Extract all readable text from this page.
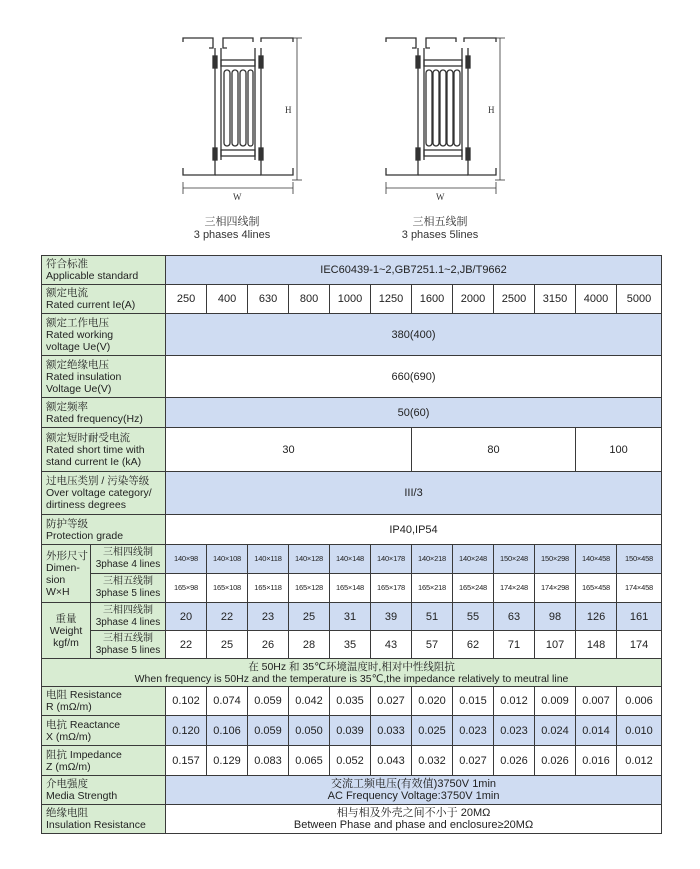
H
W
三相四线制
3 phases 4lines
H
W
三相五线制
3 phases 5lines
符合标准
Applicable standard		IEC60439-1~2,GB7251.1~2,JB/T9662											

额定电流
Rated current Ie(A)		250	400	630	800	1000	1250	1600	2000	2500	3150	4000	5000

额定工作电压
Rated working
voltage Ue(V)		380(400)											

额定绝缘电压
Rated insulation
Voltage Ue(V)		660(690)											

额定频率
Rated frequency(Hz)		50(60)											

额定短时耐受电流
Rated short time with
stand current Ie (kA)		30						80				100	

过电压类别 / 污染等级
Over voltage category/
dirtiness degrees		III/3											

防护等级
Protection grade		IP40,IP54											

外形尺寸
Dimen-
sion
W×H	三相四线制
3phase 4 lines	140×98	140×108	140×118	140×128	140×148	140×178	140×218	140×248	150×248	150×298	140×458	150×458

	三相五线制
3phase 5 lines	165×98	165×108	165×118	165×128	165×148	165×178	165×218	165×248	174×248	174×298	165×458	174×458

重量
Weight
kgf/m	三相四线制
3phase 4 lines	20	22	23	25	31	39	51	55	63	98	126	161

	三相五线制
3phase 5 lines	22	25	26	28	35	43	57	62	71	107	148	174

在 50Hz 和 35℃环境温度时,相对中性线阻抗
When frequency is 50Hz and the temperature is 35℃,the impedance relatively to meutral line													

电阻 Resistance
R (mΩ/m)		0.102	0.074	0.059	0.042	0.035	0.027	0.020	0.015	0.012	0.009	0.007	0.006

电抗 Reactance
X (mΩ/m)		0.120	0.106	0.059	0.050	0.039	0.033	0.025	0.023	0.023	0.024	0.014	0.010

阻抗 Impedance
Z (mΩ/m)		0.157	0.129	0.083	0.065	0.052	0.043	0.032	0.027	0.026	0.026	0.016	0.012

介电强度
Media Strength		交流工频电压(有效值)3750V 1min
AC Frequency Voltage:3750V 1min											

绝缘电阻
Insulation Resistance		相与相及外壳之间不小于 20MΩ
Between Phase and phase and enclosure≥20MΩ											
